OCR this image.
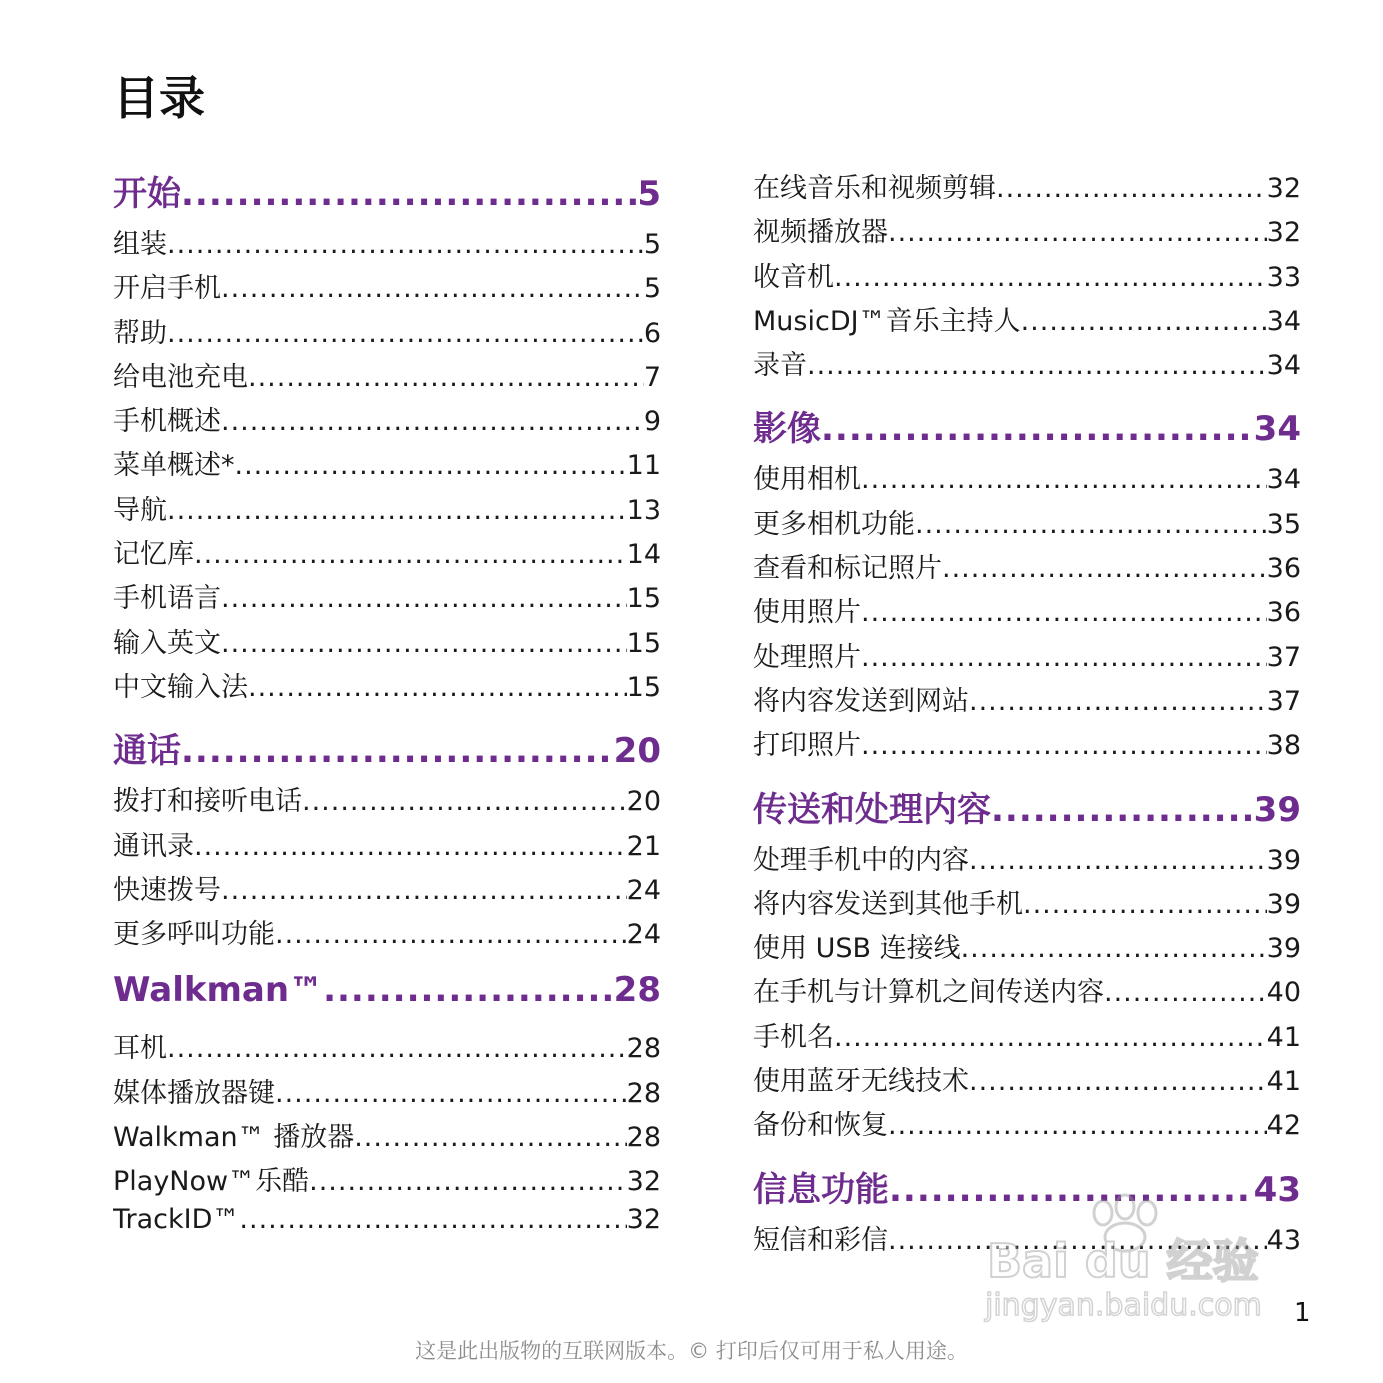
目录
开始 .....	5
组装 .....	5
开启手机 .....	5
帮助 .....	6
给电池充电 .....	7
手机概述 .....	9
菜单概述* .....	11
导航 .....	13
记忆库 .....	14
手机语言 .....	15
输入英文 .....	15
中文输入法 .....	15
通话 .....	20
拨打和接听电话 .....	20
通讯录 .....	21
快速拨号 .....	24
更多呼叫功能 .....	24
Walkman™ .....	28
耳机 .....	28
媒体播放器键 .....	28
Walkman™ 播放器 .....	28
PlayNow™乐酷 .....	32
TrackID™ .....	32
在线音乐和视频剪辑 .....	32
视频播放器 .....	32
收音机 .....	33
MusicDJ™音乐主持人 .....	34
录音 .....	34
影像 .....	34
使用相机 .....	34
更多相机功能 .....	35
查看和标记照片 .....	36
使用照片 .....	36
处理照片 .....	37
将内容发送到网站 .....	37
打印照片 .....	38
传送和处理内容 .....	39
处理手机中的内容 .....	39
将内容发送到其他手机 .....	39
使用 USB 连接线 .....	39
在手机与计算机之间传送内容 .....	40
手机名 .....	41
使用蓝牙无线技术 .....	41
备份和恢复 .....	42
信息功能 .....	43
短信和彩信 .....	43
1
这是此出版物的互联网版本。© 打印后仅可用于私人用途。
Bai du 经验
jingyan.baidu.com
